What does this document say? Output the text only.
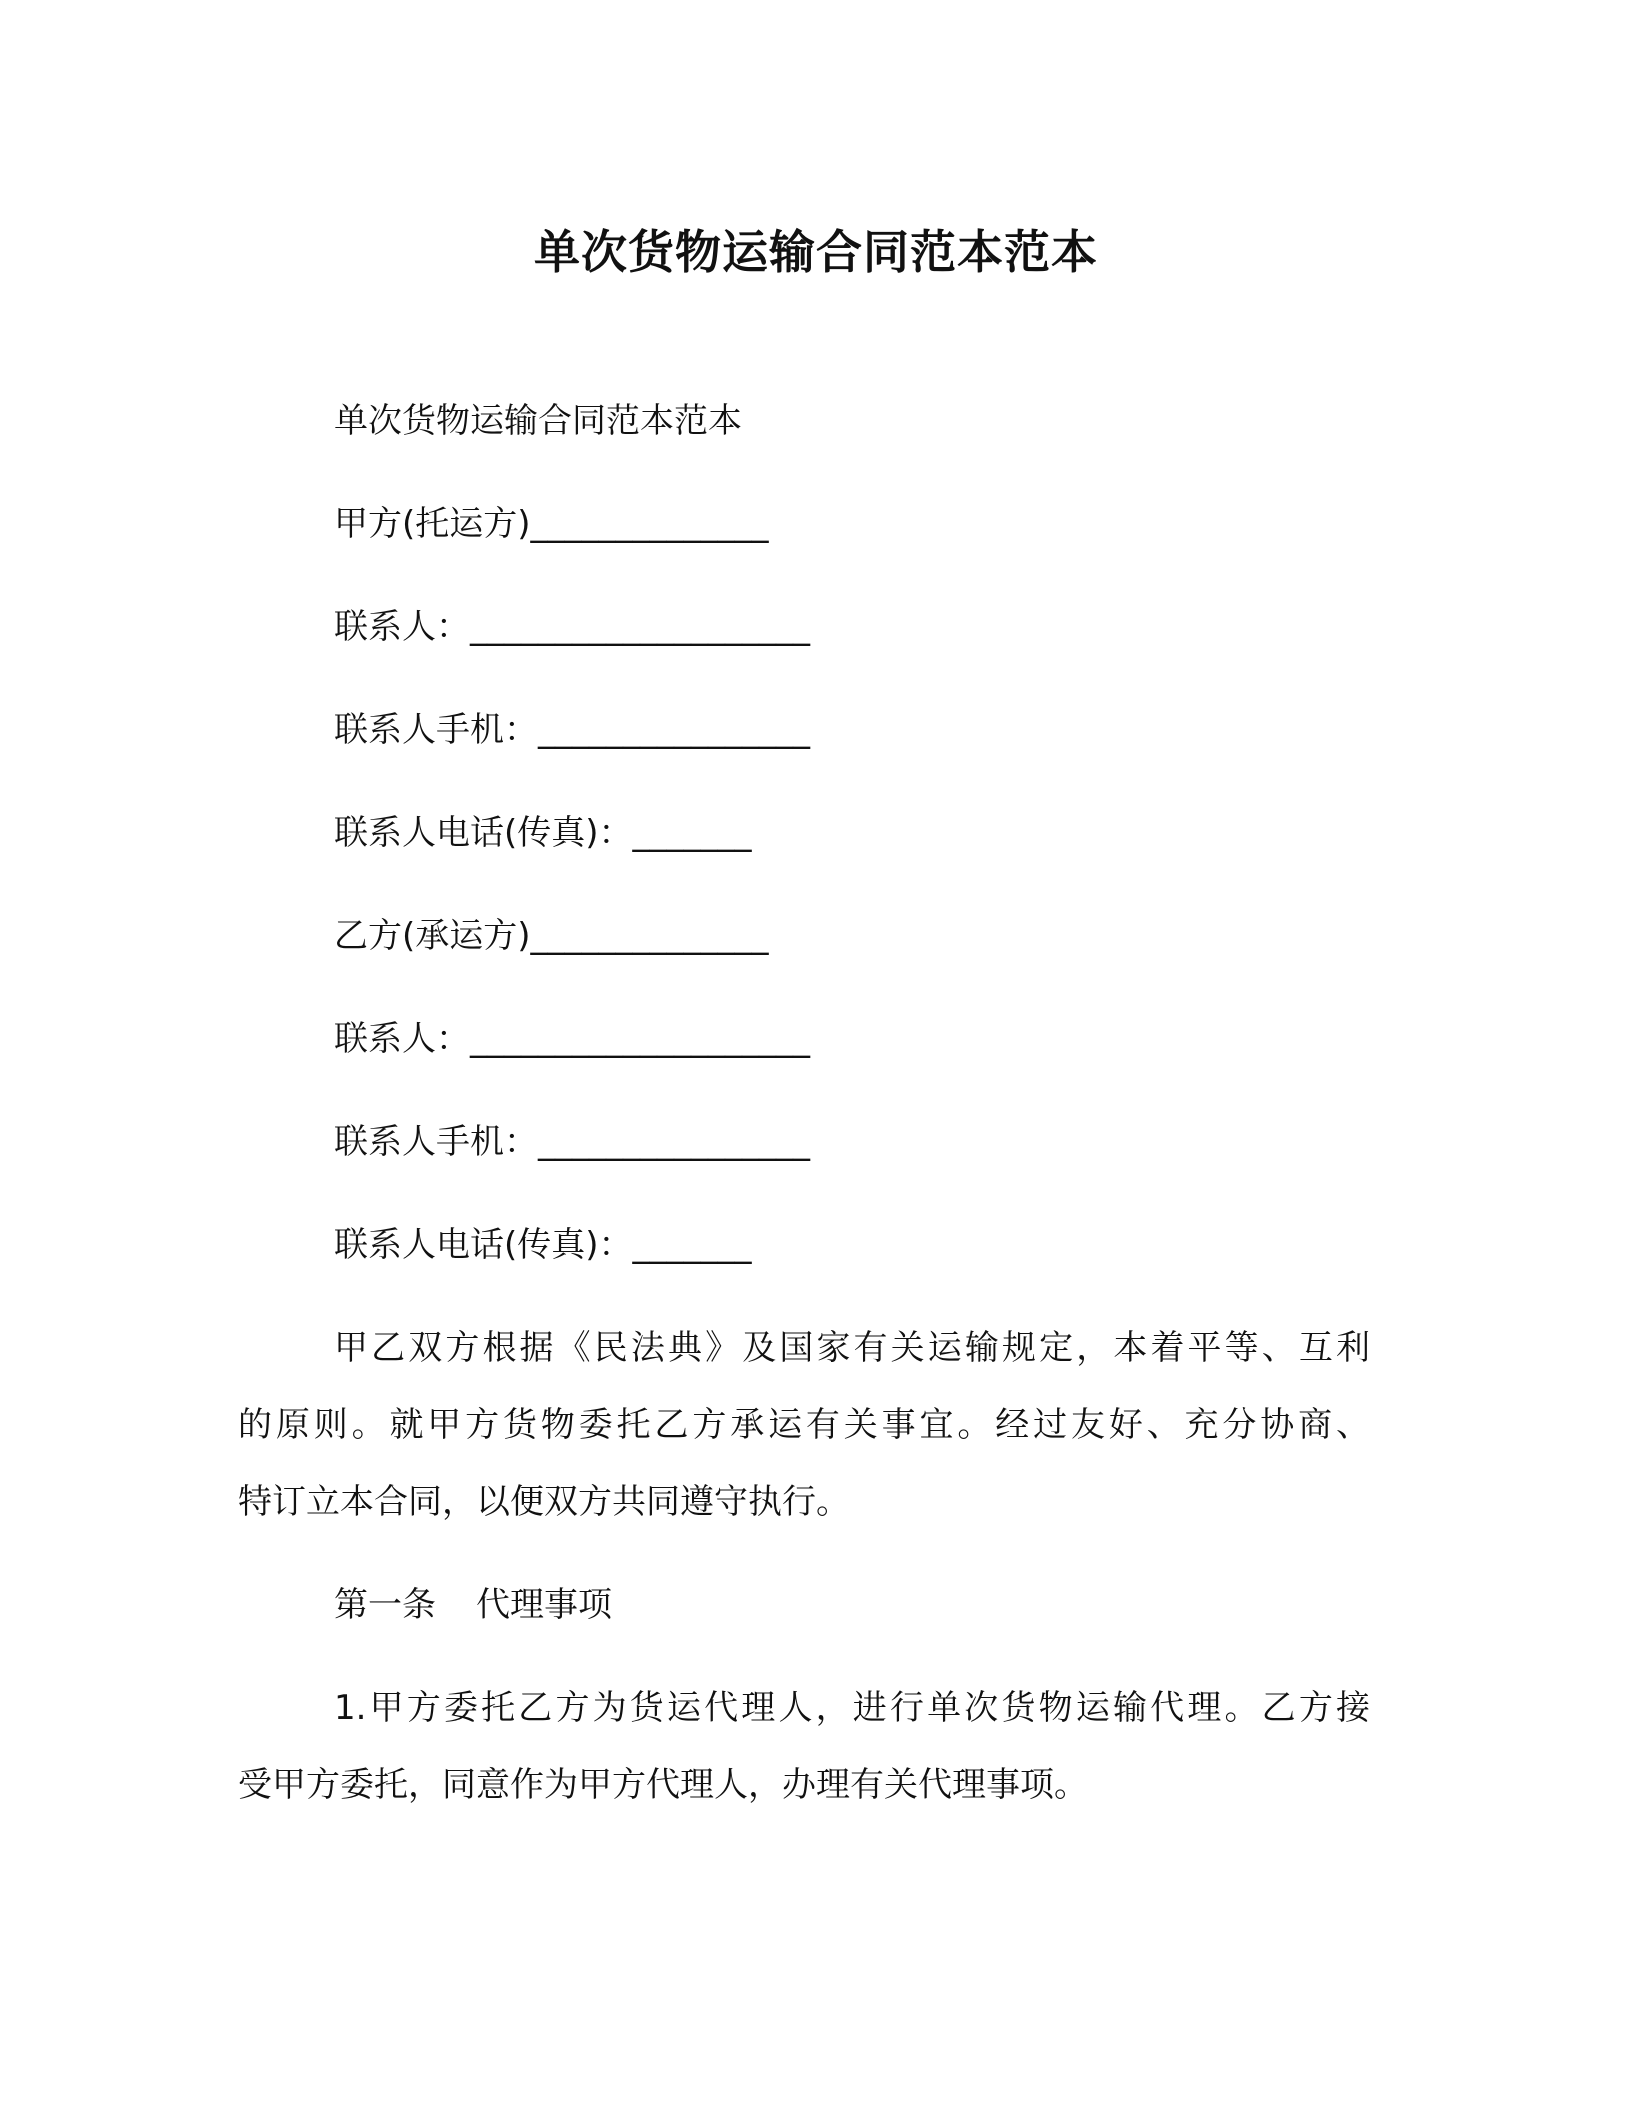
单次货物运输合同范本范本
单次货物运输合同范本范本
甲方(托运方)______________
联系人：____________________
联系人手机：________________
联系人电话(传真)：_______
乙方(承运方)______________
联系人：____________________
联系人手机：________________
联系人电话(传真)：_______
甲乙双方根据《民法典》及国家有关运输规定，本着平等、互利
的原则。就甲方货物委托乙方承运有关事宜。经过友好、充分协商、
特订立本合同，以便双方共同遵守执行。
第一条 代理事项
1.甲方委托乙方为货运代理人，进行单次货物运输代理。乙方接
受甲方委托，同意作为甲方代理人，办理有关代理事项。
